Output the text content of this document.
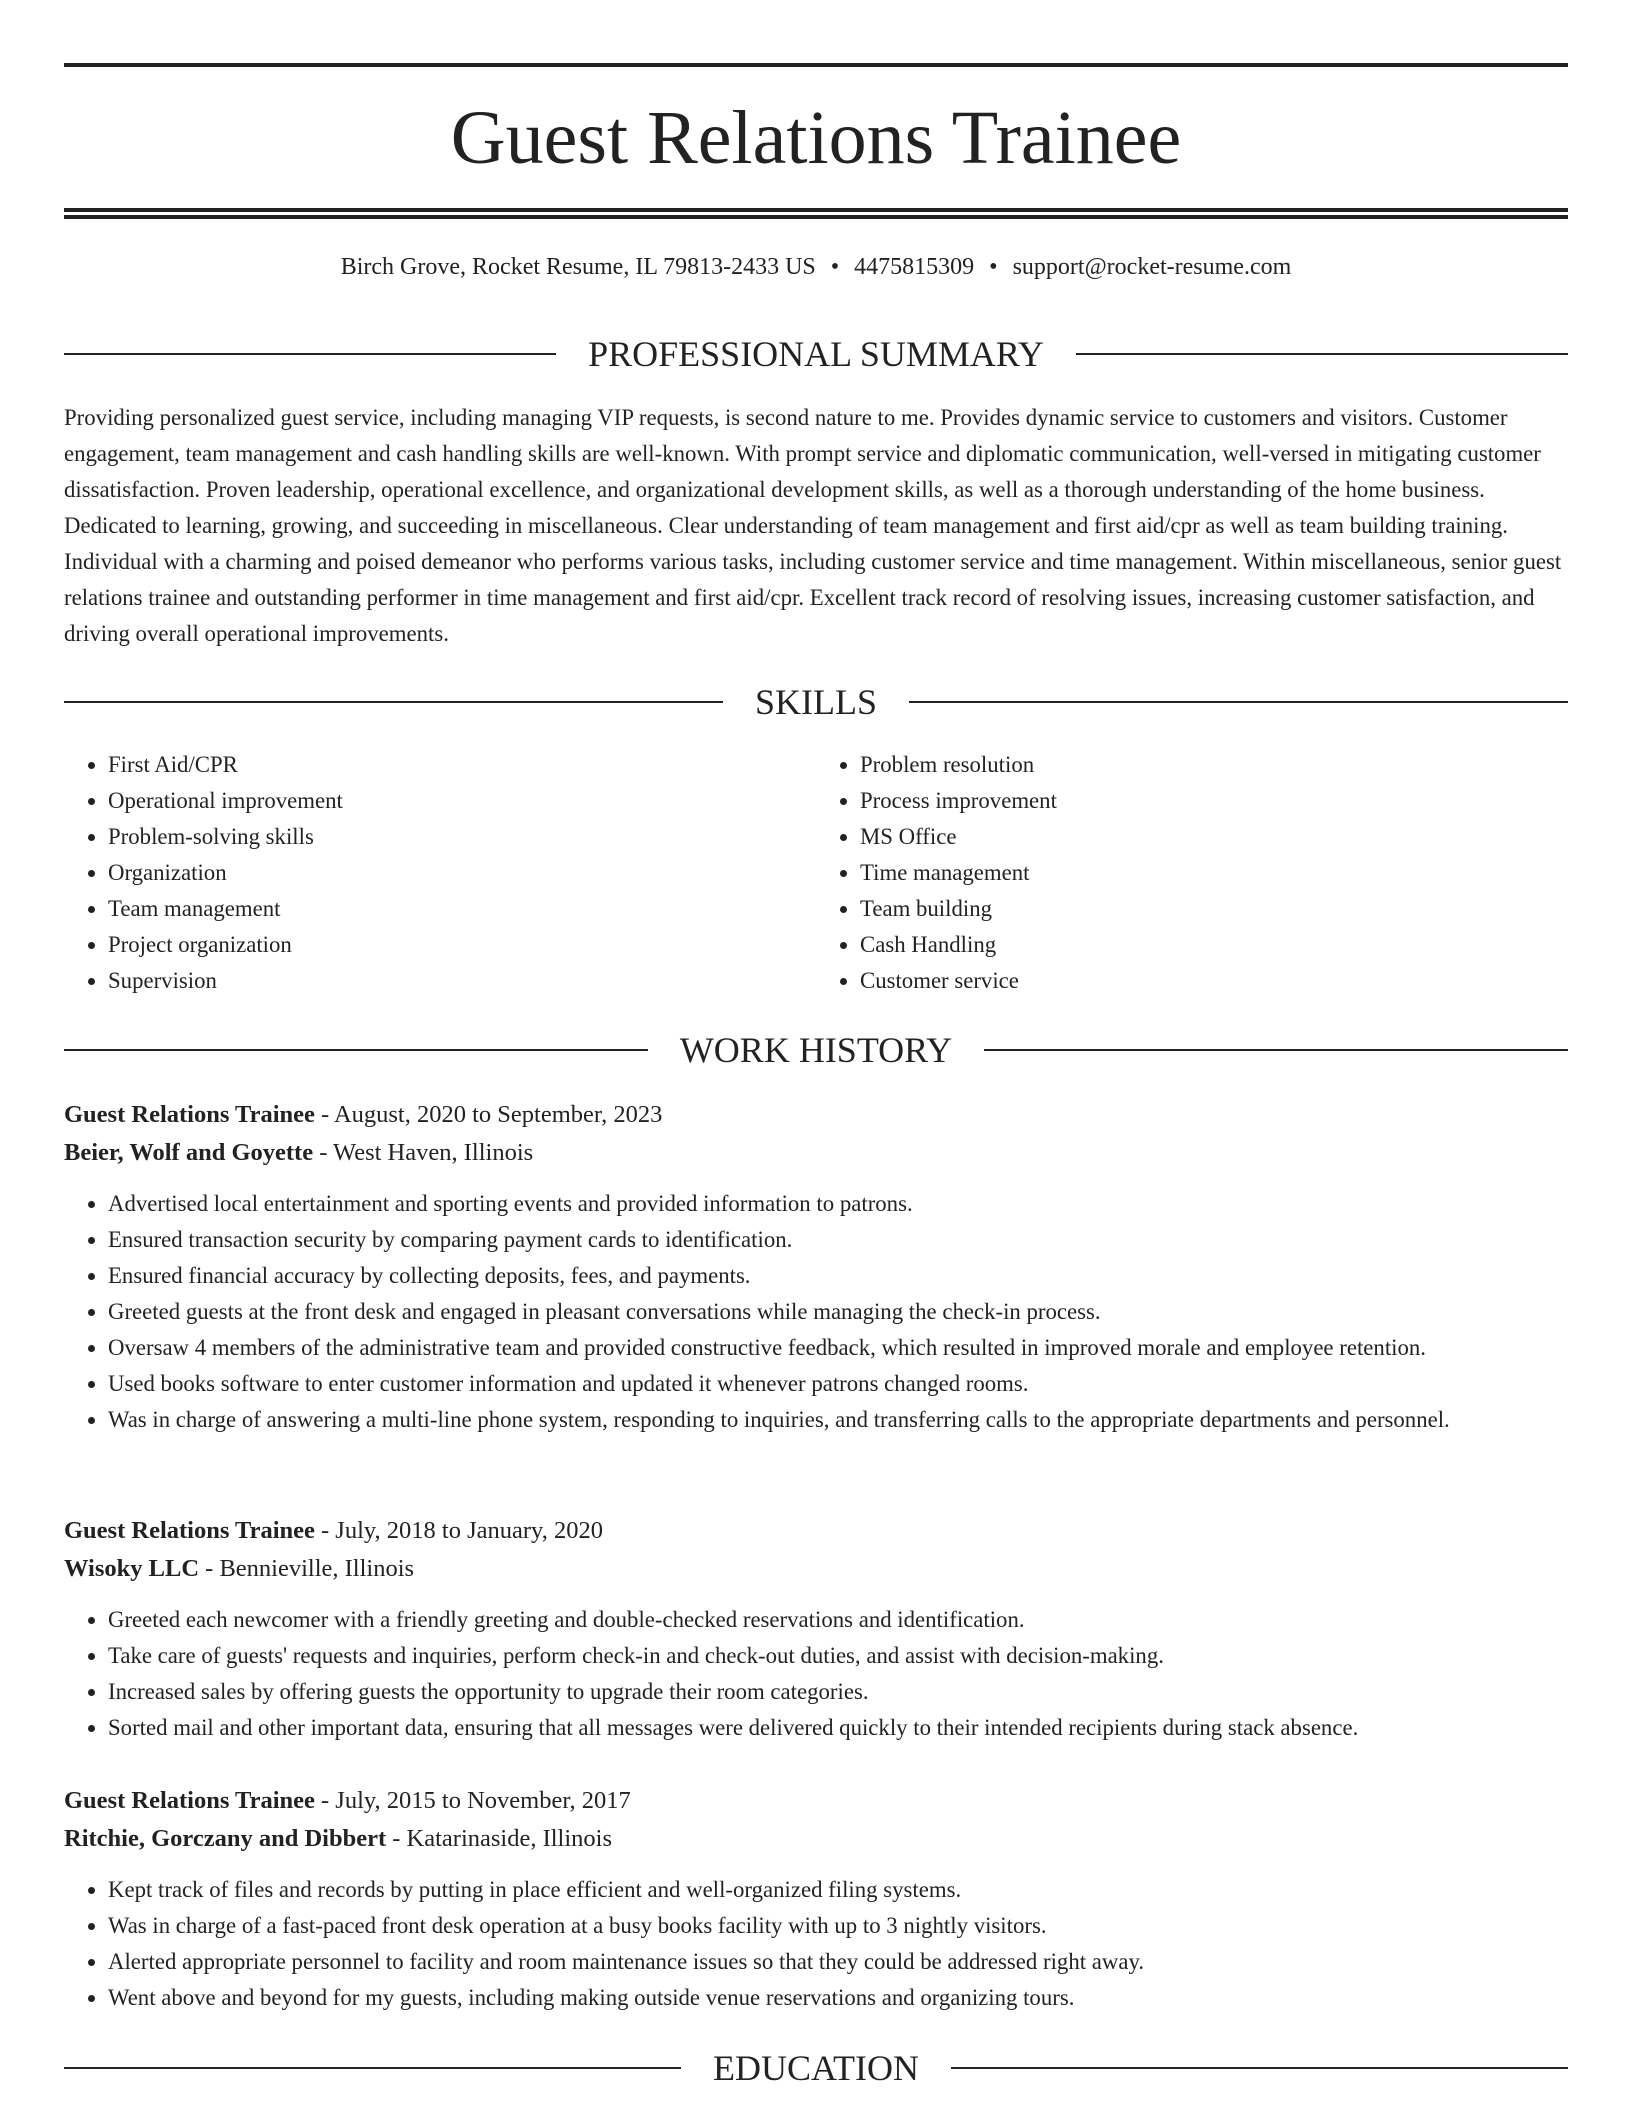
Guest Relations Trainee
Birch Grove, Rocket Resume, IL 79813-2433 US • 4475815309 • support@rocket-resume.com
PROFESSIONAL SUMMARY

Providing personalized guest service, including managing VIP requests, is second nature to me. Provides dynamic service to customers and visitors. Customer engagement, team management and cash handling skills are well-known. With prompt service and diplomatic communication, well-versed in mitigating customer dissatisfaction. Proven leadership, operational excellence, and organizational development skills, as well as a thorough understanding of the home business. Dedicated to learning, growing, and succeeding in miscellaneous. Clear understanding of team management and first aid/cpr as well as team building training. Individual with a charming and poised demeanor who performs various tasks, including customer service and time management. Within miscellaneous, senior guest relations trainee and outstanding performer in time management and first aid/cpr. Excellent track record of resolving issues, increasing customer satisfaction, and driving overall operational improvements.

SKILLS
• First Aid/CPR
• Operational improvement
• Problem-solving skills
• Organization
• Team management
• Project organization
• Supervision
• Problem resolution
• Process improvement
• MS Office
• Time management
• Team building
• Cash Handling
• Customer service
WORK HISTORY

Guest Relations Trainee - August, 2020 to September, 2023

Beier, Wolf and Goyette - West Haven, Illinois

• Advertised local entertainment and sporting events and provided information to patrons.
• Ensured transaction security by comparing payment cards to identification.
• Ensured financial accuracy by collecting deposits, fees, and payments.
• Greeted guests at the front desk and engaged in pleasant conversations while managing the check-in process.
• Oversaw 4 members of the administrative team and provided constructive feedback, which resulted in improved morale and employee retention.
• Used books software to enter customer information and updated it whenever patrons changed rooms.
• Was in charge of answering a multi-line phone system, responding to inquiries, and transferring calls to the appropriate departments and personnel.

Guest Relations Trainee - July, 2018 to January, 2020

Wisoky LLC - Bennieville, Illinois

• Greeted each newcomer with a friendly greeting and double-checked reservations and identification.
• Take care of guests' requests and inquiries, perform check-in and check-out duties, and assist with decision-making.
• Increased sales by offering guests the opportunity to upgrade their room categories.
• Sorted mail and other important data, ensuring that all messages were delivered quickly to their intended recipients during stack absence.

Guest Relations Trainee - July, 2015 to November, 2017

Ritchie, Gorczany and Dibbert - Katarinaside, Illinois

• Kept track of files and records by putting in place efficient and well-organized filing systems.
• Was in charge of a fast-paced front desk operation at a busy books facility with up to 3 nightly visitors.
• Alerted appropriate personnel to facility and room maintenance issues so that they could be addressed right away.
• Went above and beyond for my guests, including making outside venue reservations and organizing tours.
EDUCATION
